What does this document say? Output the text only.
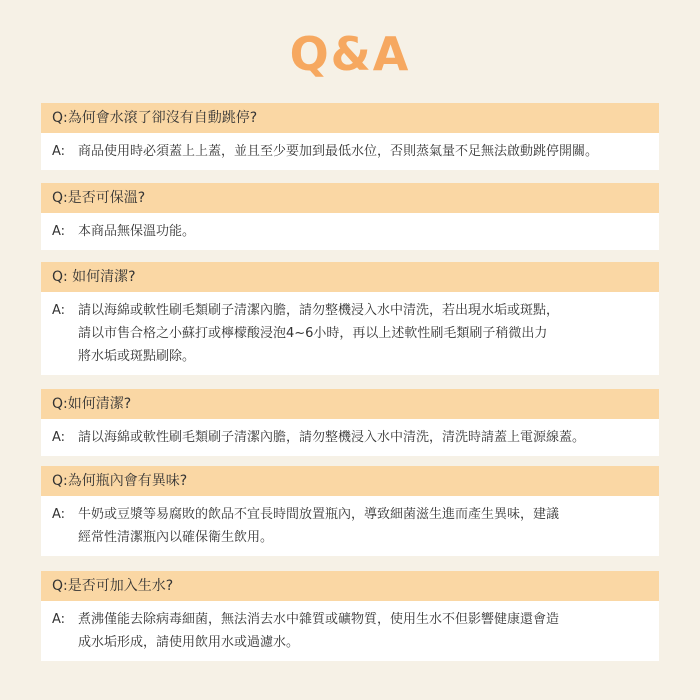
Q&A
Q:為何會水滾了卻沒有自動跳停?
A: 商品使用時必須蓋上上蓋，並且至少要加到最低水位，否則蒸氣量不足無法啟動跳停開關。
Q:是否可保溫?
A: 本商品無保溫功能。
Q: 如何清潔?
A: 請以海綿或軟性刷毛類刷子清潔內膽，請勿整機浸入水中清洗，若出現水垢或斑點，
請以市售合格之小蘇打或檸檬酸浸泡4~6小時，再以上述軟性刷毛類刷子稍微出力
將水垢或斑點刷除。
Q:如何清潔?
A: 請以海綿或軟性刷毛類刷子清潔內膽，請勿整機浸入水中清洗，清洗時請蓋上電源線蓋。
Q:為何瓶內會有異味?
A: 牛奶或豆漿等易腐敗的飲品不宜長時間放置瓶內，導致細菌滋生進而產生異味，建議
經常性清潔瓶內以確保衛生飲用。
Q:是否可加入生水?
A: 煮沸僅能去除病毒細菌，無法消去水中雜質或礦物質，使用生水不但影響健康還會造
成水垢形成，請使用飲用水或過濾水。
